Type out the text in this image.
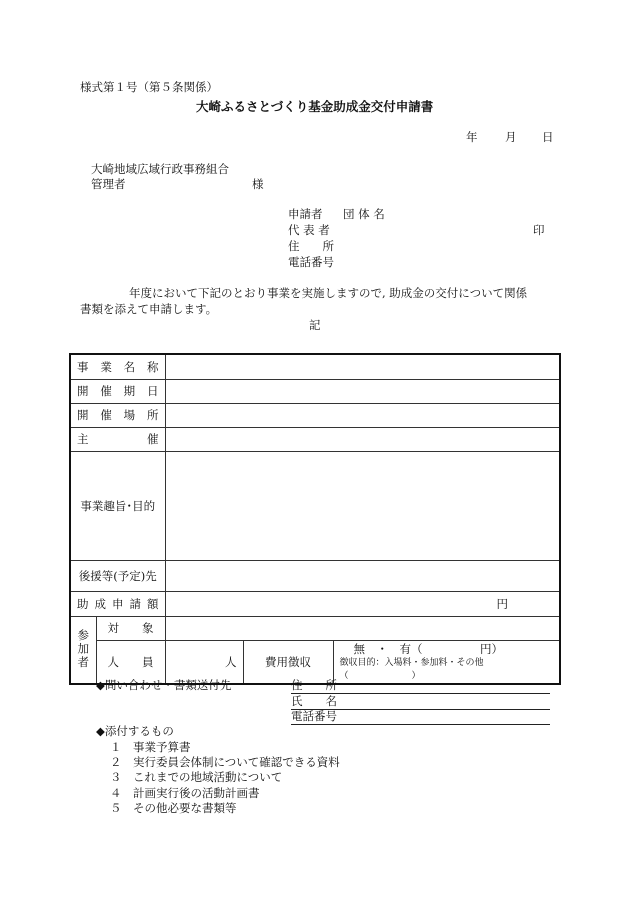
様式第１号（第５条関係）
大崎ふるさとづくり基金助成金交付申請書
年 月 日
大崎地域広域行政事務組合
管理者	様
申請者 団 体 名
代 表 者	印
住　　所
電話番号
年度において下記のとおり事業を実施しますので, 助成金の交付について関係
書類を添えて申請します。
記
事　業　名　称				
開　催　期　日				
開　催　場　所				
主　　　　催				
事業趣旨･目的				
後援等(予定)先				
助 成 申 請 額		円		
参加者	対　　象			
	人　　員	人	費用徴収	無　・　有（　　　　　円）
徴収目的：入場料・参加料・その他（　　　　　　　）
◆問い合わせ・書類送付先	住　　所
氏　　名
電話番号
◆添付するもの
１　事業予算書
２　実行委員会体制について確認できる資料
３　これまでの地域活動について
４　計画実行後の活動計画書
５　その他必要な書類等
